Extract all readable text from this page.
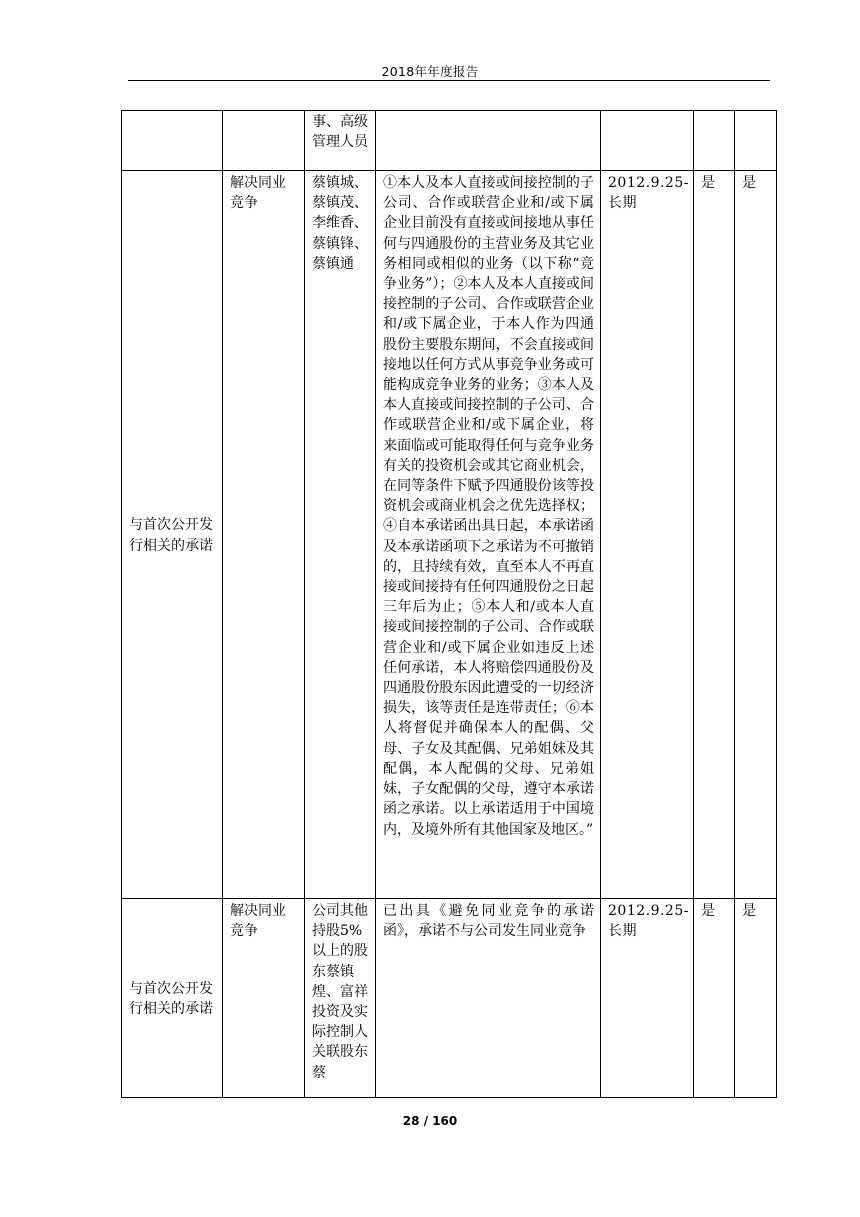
2018年年度报告
		事、高级管理人员				
与首次公开发行相关的承诺	解决同业竞争	蔡镇城、蔡镇茂、李维香、蔡镇锋、蔡镇通	①本人及本人直接或间接控制的子公司、合作或联营企业和/或下属企业目前没有直接或间接地从事任何与四通股份的主营业务及其它业务相同或相似的业务（以下称“竞争业务”）；②本人及本人直接或间接控制的子公司、合作或联营企业和/或下属企业，于本人作为四通股份主要股东期间，不会直接或间接地以任何方式从事竞争业务或可能构成竞争业务的业务；③本人及本人直接或间接控制的子公司、合作或联营企业和/或下属企业，将来面临或可能取得任何与竞争业务有关的投资机会或其它商业机会，在同等条件下赋予四通股份该等投资机会或商业机会之优先选择权；④自本承诺函出具日起，本承诺函及本承诺函项下之承诺为不可撤销的，且持续有效，直至本人不再直接或间接持有任何四通股份之日起三年后为止；⑤本人和/或本人直接或间接控制的子公司、合作或联营企业和/或下属企业如违反上述任何承诺，本人将赔偿四通股份及四通股份股东因此遭受的一切经济损失，该等责任是连带责任；⑥本人将督促并确保本人的配偶、父母、子女及其配偶、兄弟姐妹及其配偶，本人配偶的父母、兄弟姐妹，子女配偶的父母，遵守本承诺函之承诺。以上承诺适用于中国境内，及境外所有其他国家及地区。”	2012.9.25-长期	是	是
与首次公开发行相关的承诺	解决同业竞争	公司其他持股5%以上的股东蔡镇煌、富祥投资及实际控制人关联股东蔡	已出具《避免同业竞争的承诺函》，承诺不与公司发生同业竞争	2012.9.25-长期	是	是
28 / 160
